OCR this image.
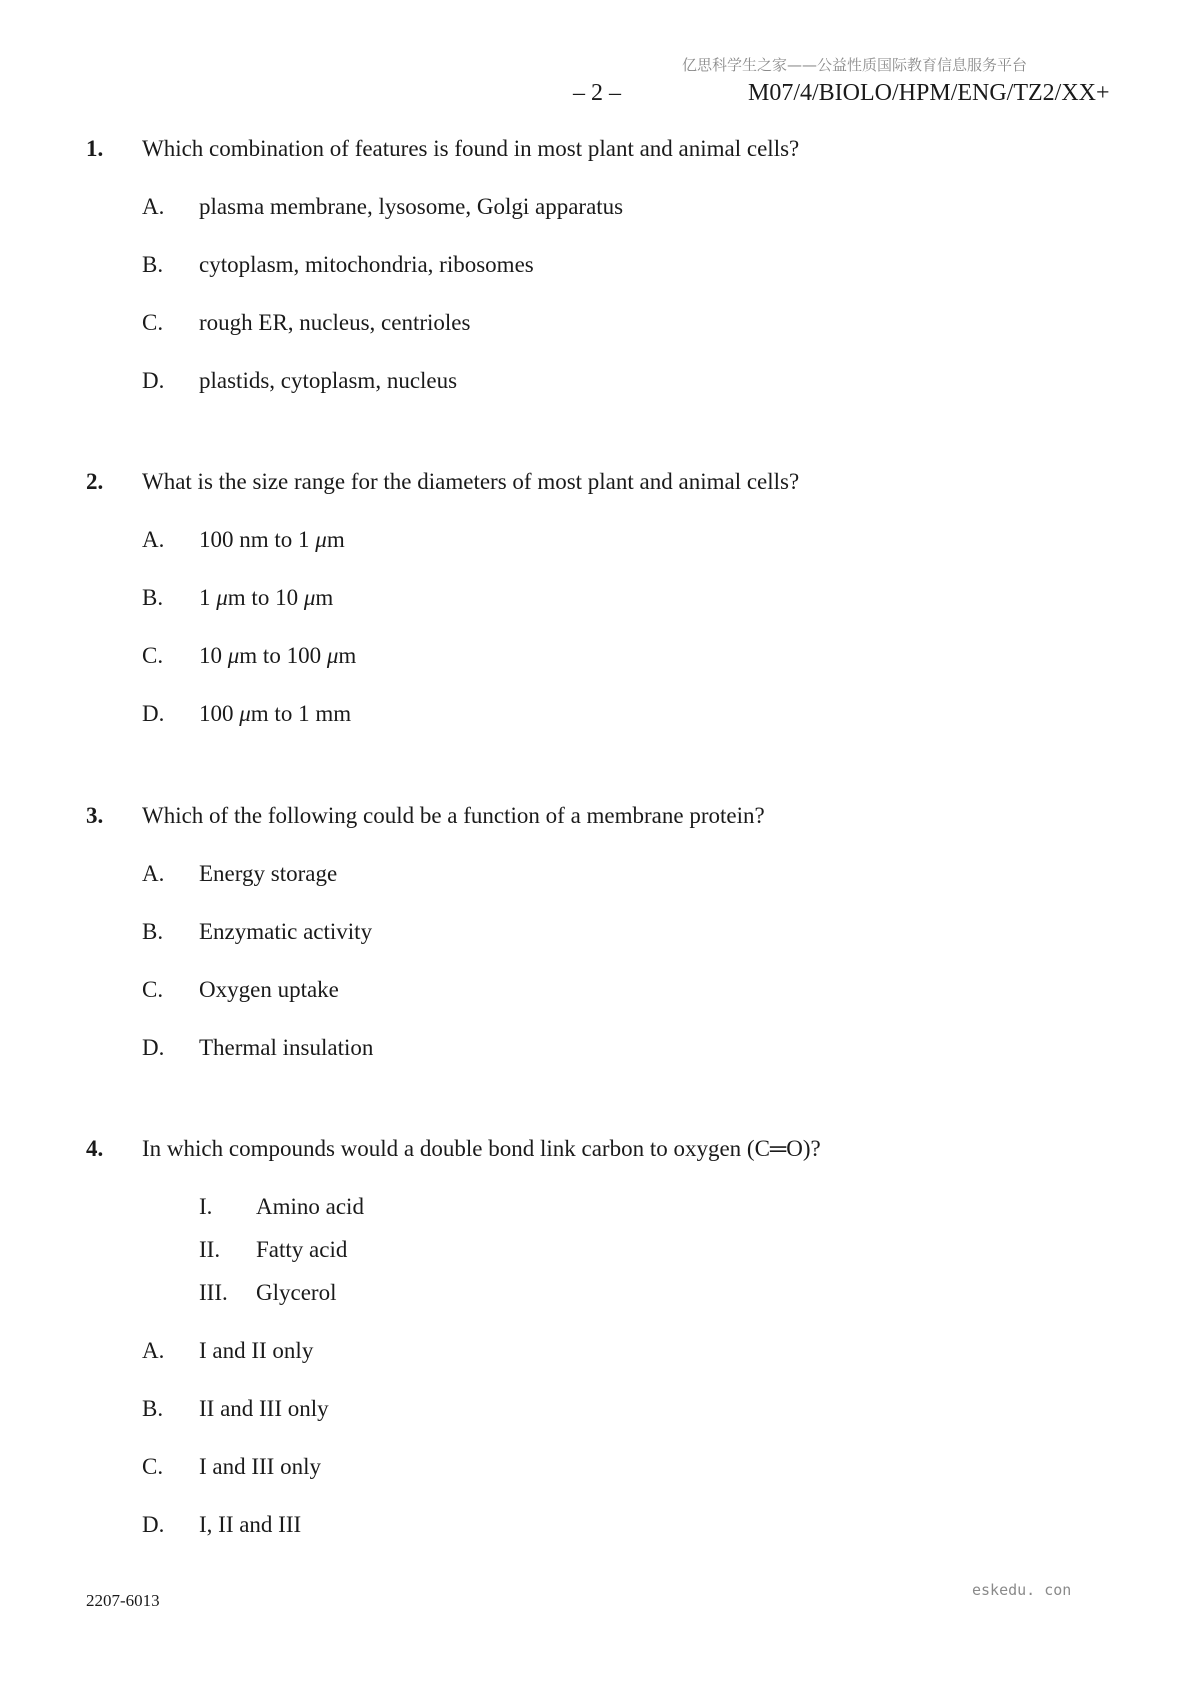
亿思科学生之家——公益性质国际教育信息服务平台
– 2 –	M07/4/BIOLO/HPM/ENG/TZ2/XX+
1. Which combination of features is found in most plant and animal cells?
A. plasma membrane, lysosome, Golgi apparatus
B. cytoplasm, mitochondria, ribosomes
C. rough ER, nucleus, centrioles
D. plastids, cytoplasm, nucleus
2. What is the size range for the diameters of most plant and animal cells?
A. 100 nm to 1 μm
B. 1 μm to 10 μm
C. 10 μm to 100 μm
D. 100 μm to 1 mm
3. Which of the following could be a function of a membrane protein?
A. Energy storage
B. Enzymatic activity
C. Oxygen uptake
D. Thermal insulation
4. In which compounds would a double bond link carbon to oxygen (C═O)?
I. Amino acid
II. Fatty acid
III. Glycerol
A. I and II only
B. II and III only
C. I and III only
D. I, II and III
2207-6013
eskedu. con
